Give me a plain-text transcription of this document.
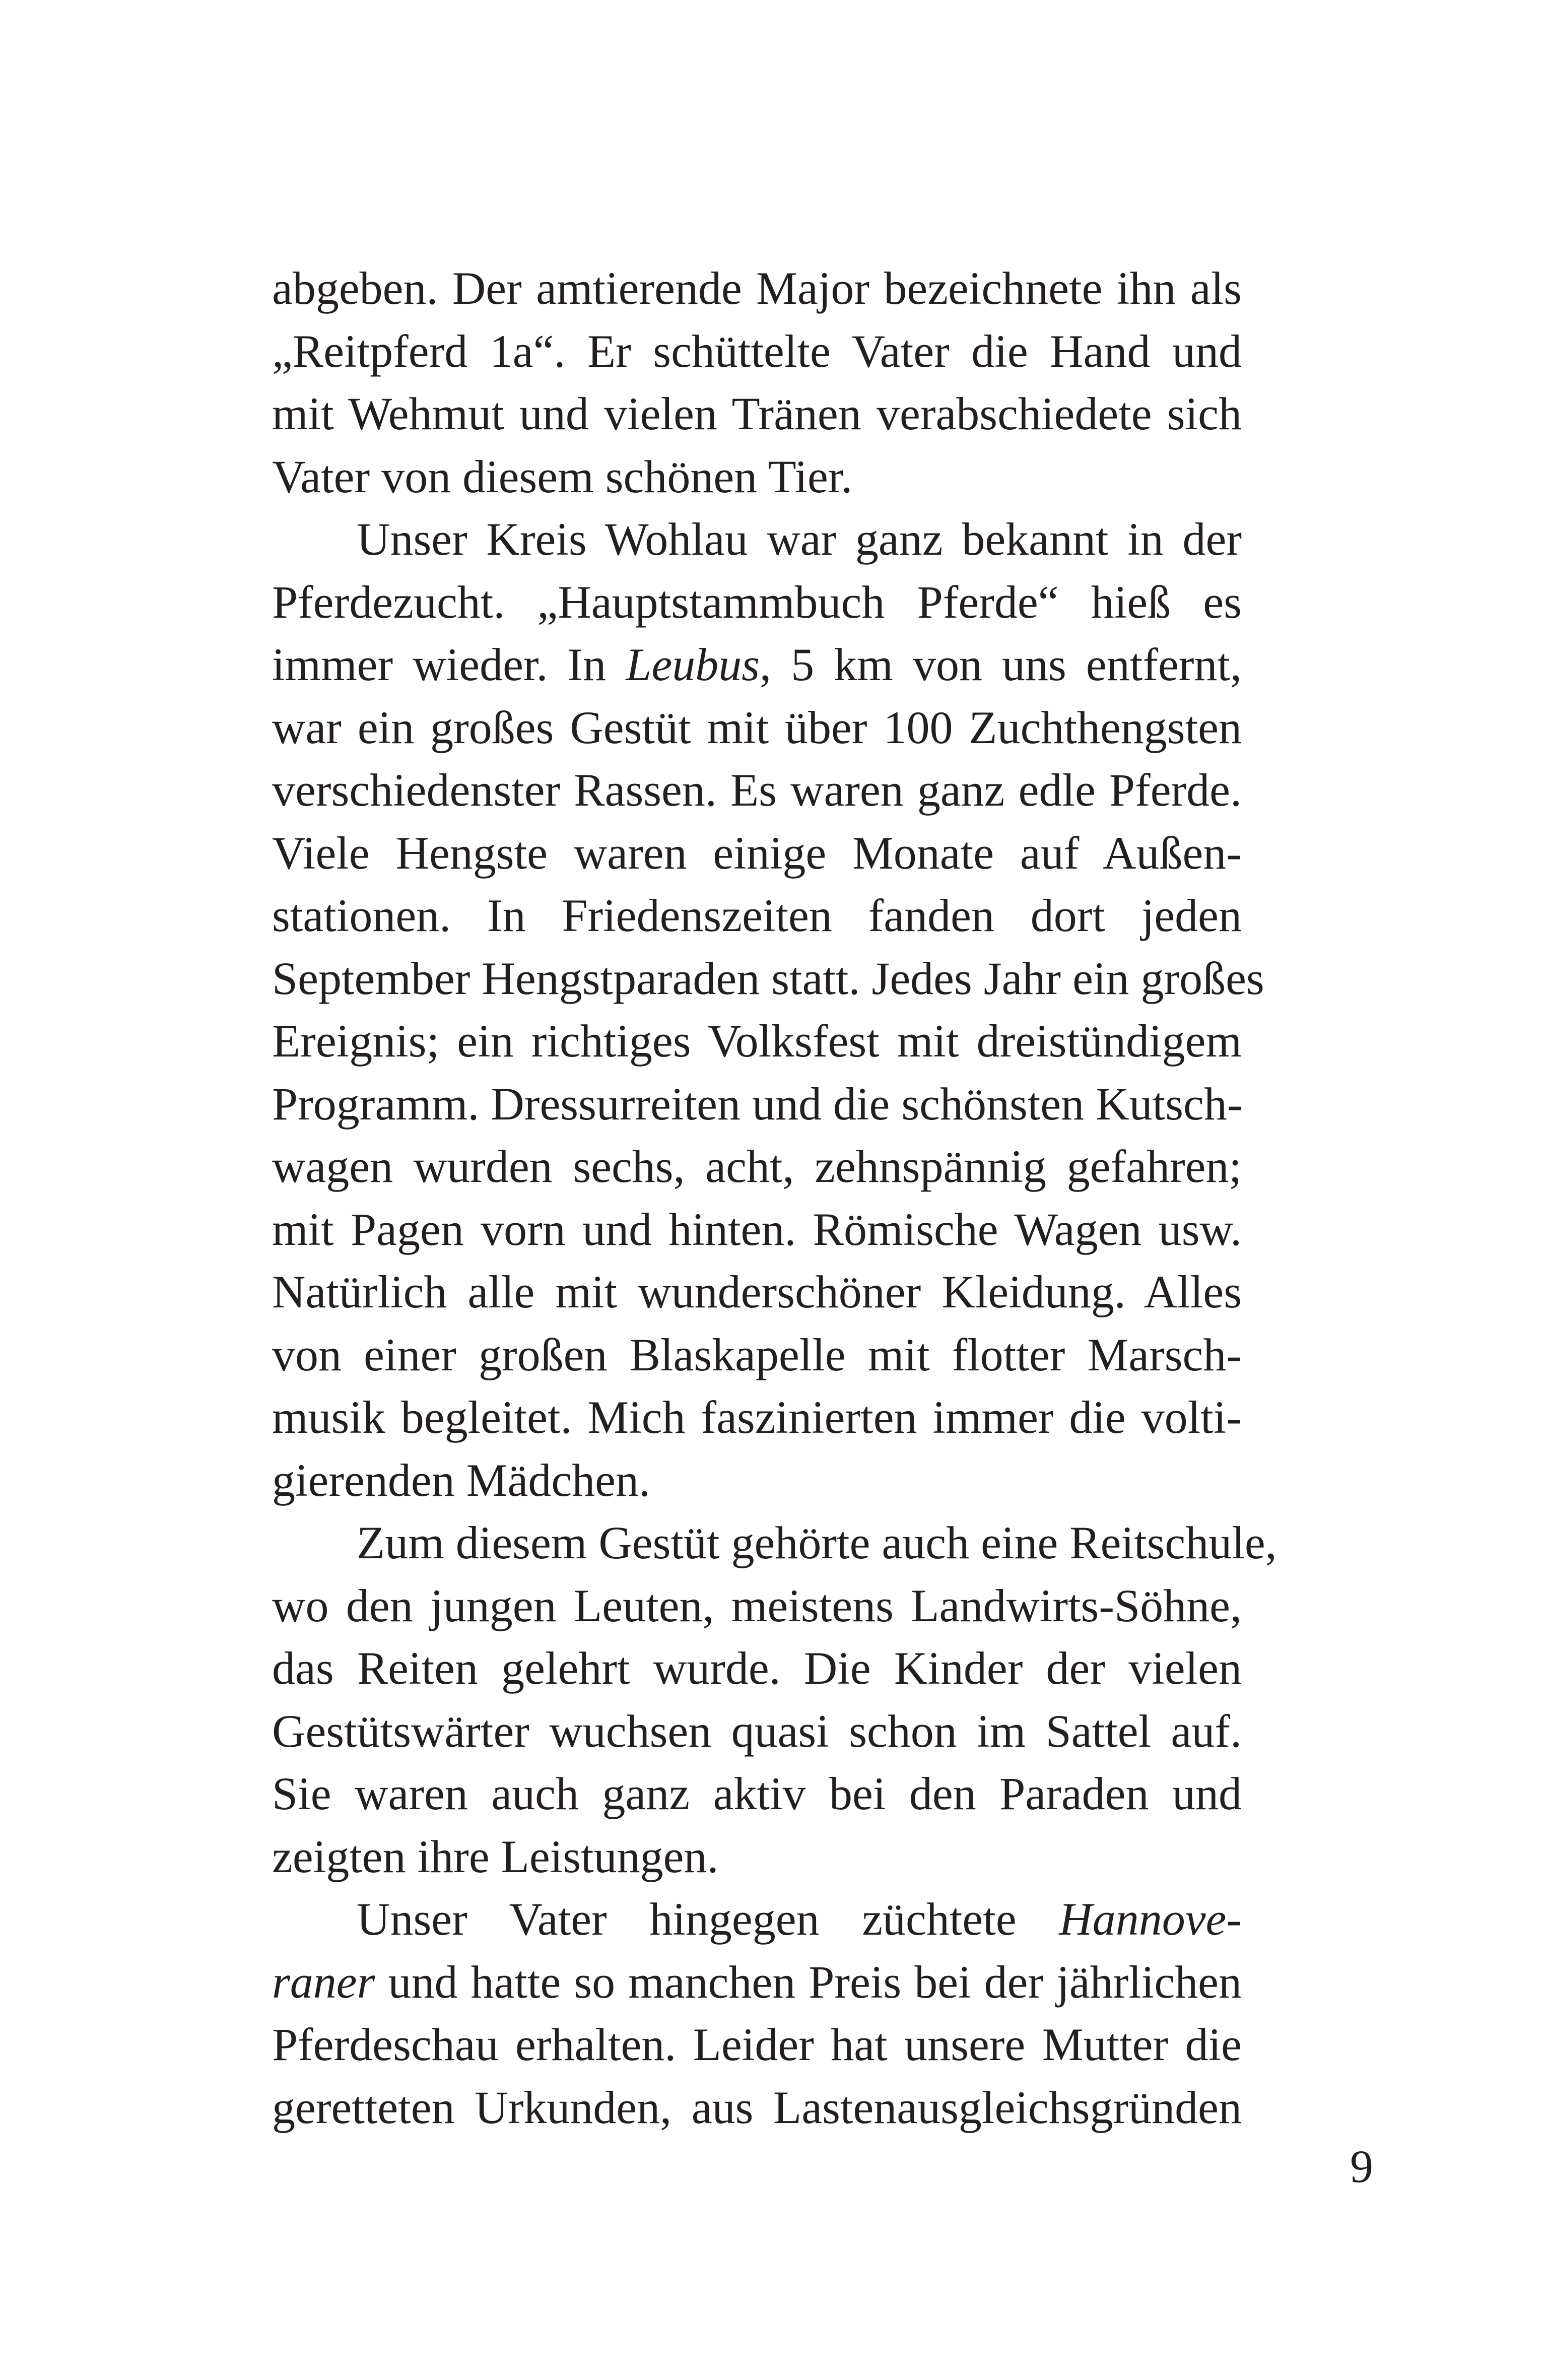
abgeben. Der amtierende Major bezeichnete ihn als
„Reitpferd 1a“. Er schüttelte Vater die Hand und
mit Wehmut und vielen Tränen verabschiedete sich
Vater von diesem schönen Tier.
Unser Kreis Wohlau war ganz bekannt in der
Pferdezucht. „Hauptstammbuch Pferde“ hieß es
immer wieder. In Leubus, 5 km von uns entfernt,
war ein großes Gestüt mit über 100 Zuchthengsten
verschiedenster Rassen. Es waren ganz edle Pferde.
Viele Hengste waren einige Monate auf Außen-
stationen. In Friedenszeiten fanden dort jeden
September Hengstparaden statt. Jedes Jahr ein großes
Ereignis; ein richtiges Volksfest mit dreistündigem
Programm. Dressurreiten und die schönsten Kutsch-
wagen wurden sechs, acht, zehnspännig gefahren;
mit Pagen vorn und hinten. Römische Wagen usw.
Natürlich alle mit wunderschöner Kleidung. Alles
von einer großen Blaskapelle mit flotter Marsch-
musik begleitet. Mich faszinierten immer die volti-
gierenden Mädchen.
Zum diesem Gestüt gehörte auch eine Reitschule,
wo den jungen Leuten, meistens Landwirts-Söhne,
das Reiten gelehrt wurde. Die Kinder der vielen
Gestütswärter wuchsen quasi schon im Sattel auf.
Sie waren auch ganz aktiv bei den Paraden und
zeigten ihre Leistungen.
Unser Vater hingegen züchtete Hannove-
raner und hatte so manchen Preis bei der jährlichen
Pferdeschau erhalten. Leider hat unsere Mutter die
geretteten Urkunden, aus Lastenausgleichsgründen
9
